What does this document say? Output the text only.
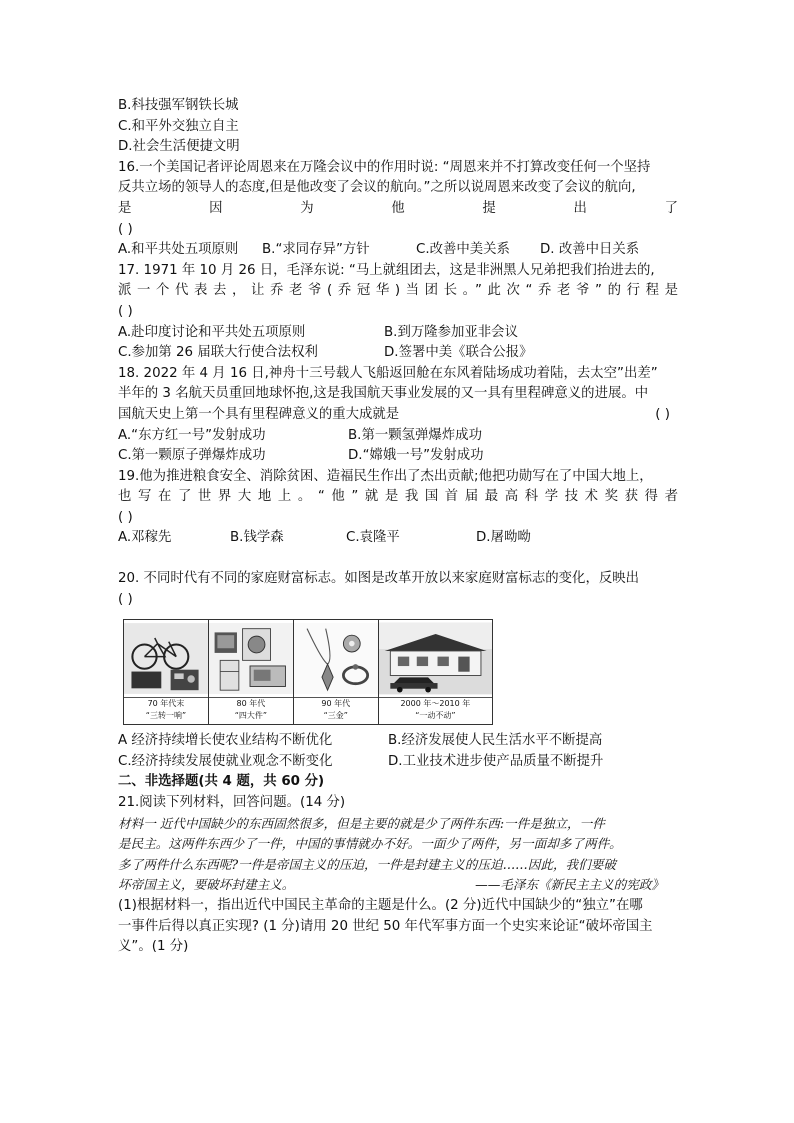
B.科技强军钢铁长城
C.和平外交独立自主
D.社会生活便捷文明
16.一个美国记者评论周恩来在万隆会议中的作用时说: “周恩来并不打算改变任何一个坚持
反共立场的领导人的态度,但是他改变了会议的航向。”之所以说周恩来改变了会议的航向,
是因为他提出了
( )
A.和平共处五项原则	B.“求同存异”方针	C.改善中美关系	D. 改善中日关系
17. 1971 年 10 月 26 日，毛泽东说: “马上就组团去，这是非洲黑人兄弟把我们抬进去的,
派一个代表去，让乔老爷(乔冠华)当团长。”此次“乔老爷”的行程是
( )
A.赴印度讨论和平共处五项原则	B.到万隆参加亚非会议
C.参加第 26 届联大行使合法权利	D.签署中美《联合公报》
18. 2022 年 4 月 16 日,神舟十三号载人飞船返回舱在东风着陆场成功着陆，去太空”出差”
半年的 3 名航天员重回地球怀抱,这是我国航天事业发展的又一具有里程碑意义的进展。中
国航天史上第一个具有里程碑意义的重大成就是	( )
A.“东方红一号”发射成功	B.第一颗氢弹爆炸成功
C.第一颗原子弹爆炸成功	D.“嫦娥一号”发射成功
19.他为推进粮食安全、消除贫困、造福民生作出了杰出贡献;他把功勋写在了中国大地上，
也写在了世界大地上。“他”就是我国首届最高科学技术奖获得者
( )
A.邓稼先	B.钱学森	C.袁隆平	D.屠呦呦
20. 不同时代有不同的家庭财富标志。如图是改革开放以来家庭财富标志的变化，反映出
( )
70 年代末
“三转一响”
80 年代
“四大件”
90 年代
“三金”
2000 年～2010 年
“一动不动”
A 经济持续增长使农业结构不断优化	B.经济发展使人民生活水平不断提高
C.经济持续发展使就业观念不断变化	D.工业技术进步使产品质量不断提升
二、非选择题(共 4 题，共 60 分)
21.阅读下列材料，回答问题。(14 分)
材料一 近代中国缺少的东西固然很多，但是主要的就是少了两件东西:一件是独立，一件
是民主。这两件东西少了一件，中国的事情就办不好。一面少了两件，另一面却多了两件。
多了两件什么东西呢?一件是帝国主义的压迫，一件是封建主义的压迫……因此，我们要破
坏帝国主义，要破坏封建主义。	——毛泽东《新民主主义的宪政》
(1)根据材料一，指出近代中国民主革命的主题是什么。(2 分)近代中国缺少的“独立”在哪
一事件后得以真正实现? (1 分)请用 20 世纪 50 年代军事方面一个史实来论证“破坏帝国主
义”。(1 分)
